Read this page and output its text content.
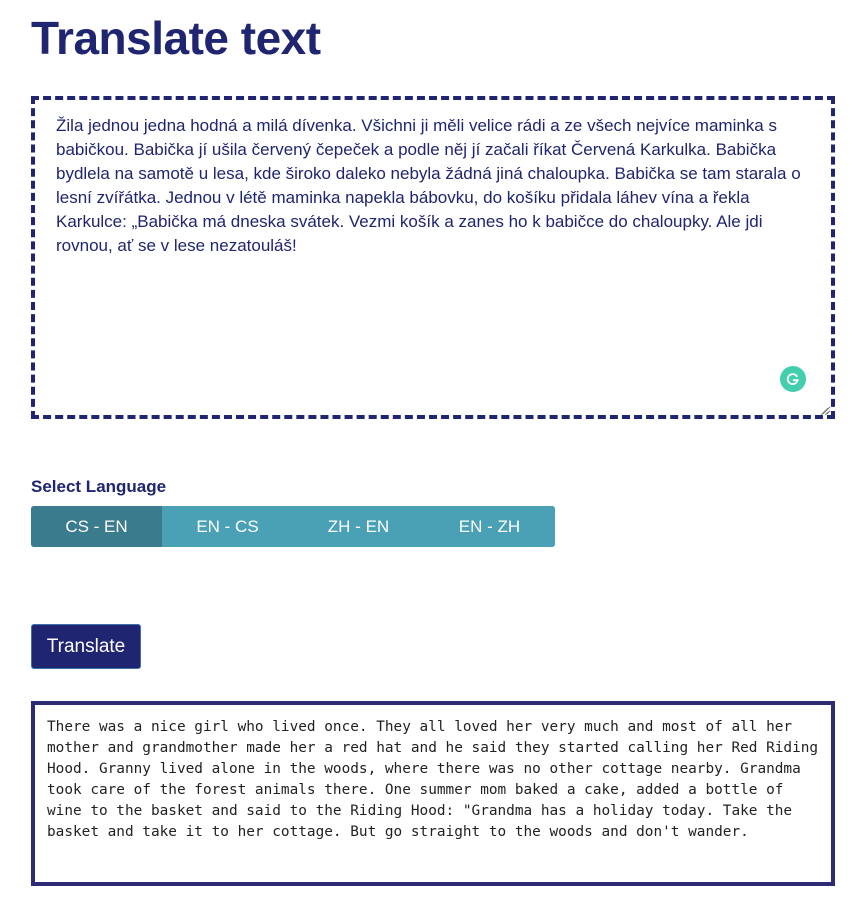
Translate text
Žila jednou jedna hodná a milá dívenka. Všichni ji měli velice rádi a ze všech nejvíce maminka s babičkou. Babička jí ušila červený čepeček a podle něj jí začali říkat Červená Karkulka. Babička bydlela na samotě u lesa, kde široko daleko nebyla žádná jiná chaloupka. Babička se tam starala o lesní zvířátka. Jednou v létě maminka napekla bábovku, do košíku přidala láhev vína a řekla Karkulce: „Babička má dneska svátek. Vezmi košík a zanes ho k babičce do chaloupky. Ale jdi rovnou, ať se v lese nezatouláš!

Select Language

CS - EN	EN - CS	ZH - EN	EN - ZH
Translate
There was a nice girl who lived once. They all loved her very much and most of all her mother and grandmother made her a red hat and he said they started calling her Red Riding Hood. Granny lived alone in the woods, where there was no other cottage nearby. Grandma took care of the forest animals there. One summer mom baked a cake, added a bottle of wine to the basket and said to the Riding Hood: "Grandma has a holiday today. Take the basket and take it to her cottage. But go straight to the woods and don't wander.
